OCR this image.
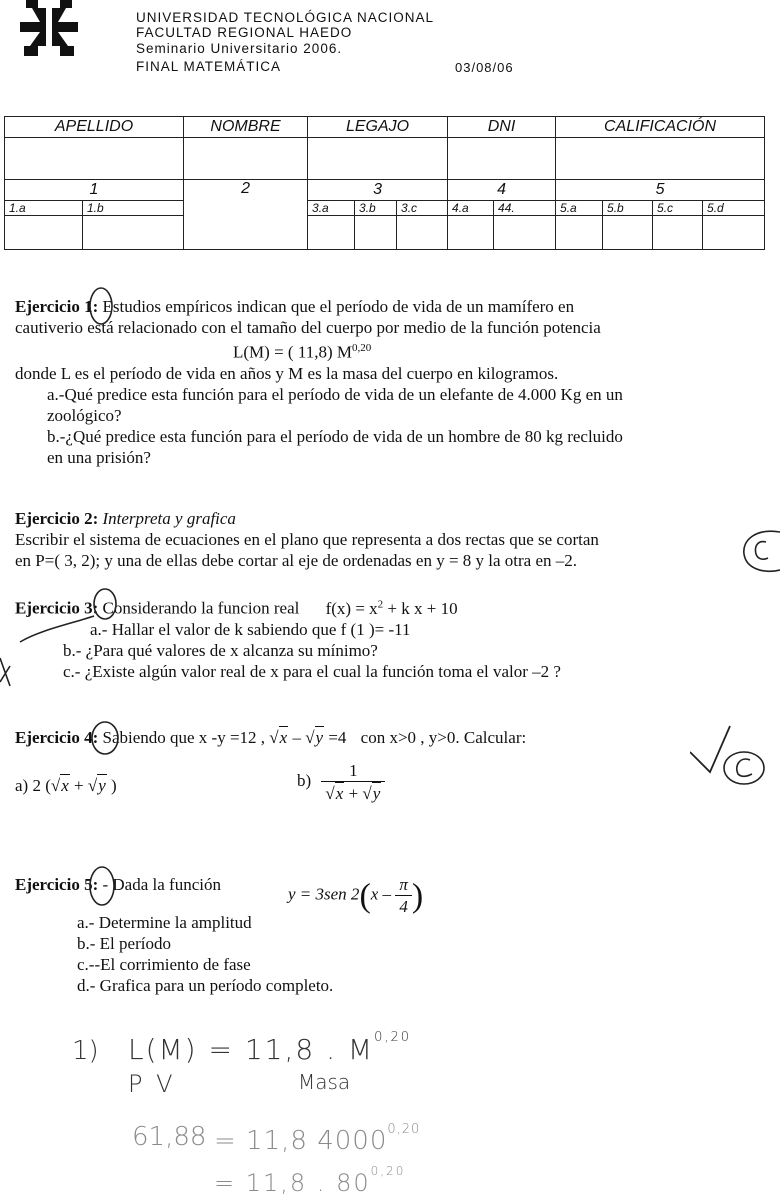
UNIVERSIDAD TECNOLÓGICA NACIONAL
FACULTAD REGIONAL HAEDO
Seminario Universitario 2006.
FINAL MATEMÁTICA	03/08/06
APELLIDO		NOMBRE	LEGAJO			DNI		CALIFICACIÓN			

1		2	3			4		5			
1.a	1.b		3.a	3.b	3.c	4.a	44.	5.a	5.b	5.c	5.d

Ejercicio 1: Estudios empíricos indican que el período de vida de un mamífero en
cautiverio está relacionado con el tamaño del cuerpo por medio de la función potencia
L(M) = ( 11,8) M$^{0,20}$
donde L es el período de vida en años y M es la masa del cuerpo en kilogramos.
a.-Qué predice esta función para el período de vida de un elefante de 4.000 Kg en un
zoológico?
b.-¿Qué predice esta función para el período de vida de un hombre de 80 kg recluido
en una prisión?
Ejercicio 2: Interpreta y grafica
Escribir el sistema de ecuaciones en el plano que representa a dos rectas que se cortan
en P=( 3, 2); y una de ellas debe cortar al eje de ordenadas en y = 8 y la otra en –2.
Ejercicio 3: Considerando la funcion real $f(x) = x^2 + k$ x + 10
a.- Hallar el valor de k sabiendo que f (1 )= -11
b.- ¿Para qué valores de x alcanza su mínimo?
c.- ¿Existe algún valor real de x para el cual la función toma el valor –2 ?
Ejercicio 4: Sabiendo que x -y =12 , √x – √y =4 con x>0 , y>0. Calcular:
a) 2 (√x + √y )	$b) \frac{1}{√x + √y}$
Ejercicio 5: - Dada la función	y = 3sen $2(x - \frac{\pi}{4}$ )
a.- Determine la amplitud
b.- El período
c.--El corrimiento de fase
d.- Grafica para un período completo.
1) L(M) = 11,8 . M$^{0,20}$
P V	Masa
61,88 = 11,8 $4000^{0,20}$
= 11,8 . 80$^{0,20}$
